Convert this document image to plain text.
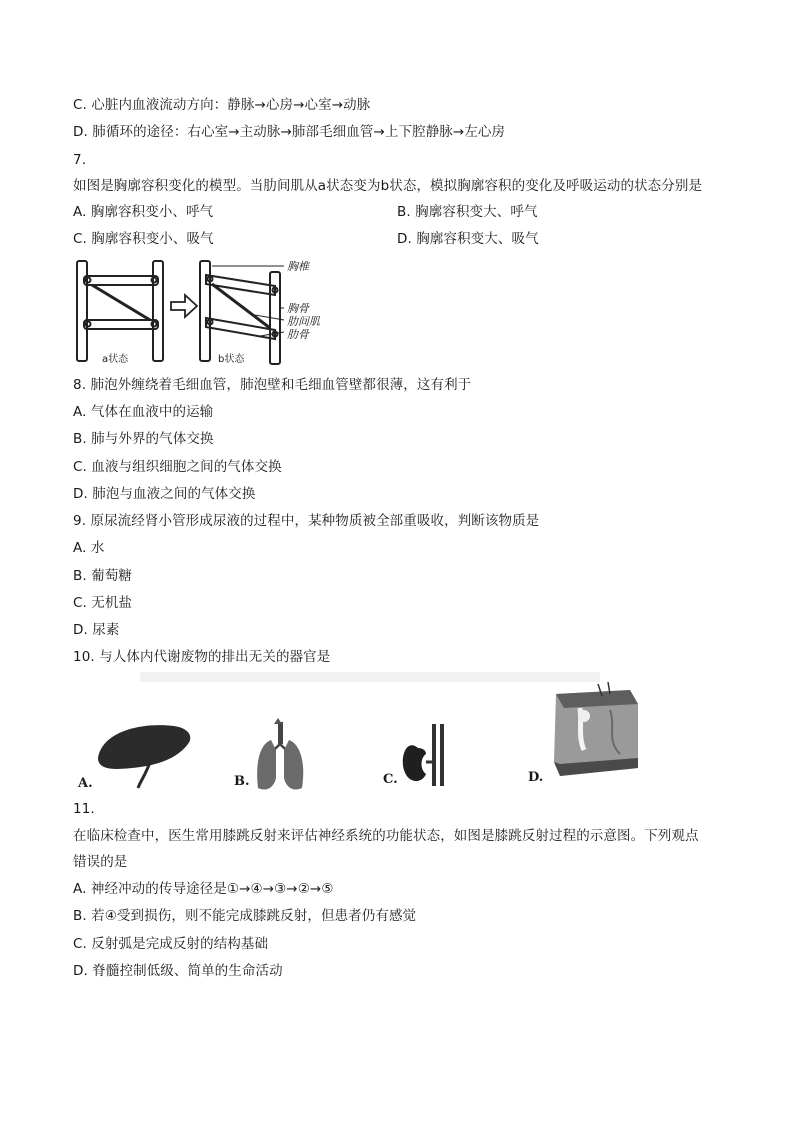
C. 心脏内血液流动方向：静脉→心房→心室→动脉
D. 肺循环的途径：右心室→主动脉→肺部毛细血管→上下腔静脉→左心房
7.
如图是胸廓容积变化的模型。当肋间肌从a状态变为b状态，模拟胸廓容积的变化及呼吸运动的状态分别是
A. 胸廓容积变小、呼气	B. 胸廓容积变大、呼气
C. 胸廓容积变小、吸气	D. 胸廓容积变大、吸气
胸椎
胸骨
肋间肌
肋骨
a状态	b状态
8. 肺泡外缠绕着毛细血管，肺泡壁和毛细血管壁都很薄，这有利于
A. 气体在血液中的运输
B. 肺与外界的气体交换
C. 血液与组织细胞之间的气体交换
D. 肺泡与血液之间的气体交换
9. 原尿流经肾小管形成尿液的过程中，某种物质被全部重吸收，判断该物质是
A. 水
B. 葡萄糖
C. 无机盐
D. 尿素
10. 与人体内代谢废物的排出无关的器官是
A.	B.	C.	D.
11.
在临床检查中，医生常用膝跳反射来评估神经系统的功能状态，如图是膝跳反射过程的示意图。下列观点
错误的是
A. 神经冲动的传导途径是①→④→③→②→⑤
B. 若④受到损伤，则不能完成膝跳反射，但患者仍有感觉
C. 反射弧是完成反射的结构基础
D. 脊髓控制低级、简单的生命活动
